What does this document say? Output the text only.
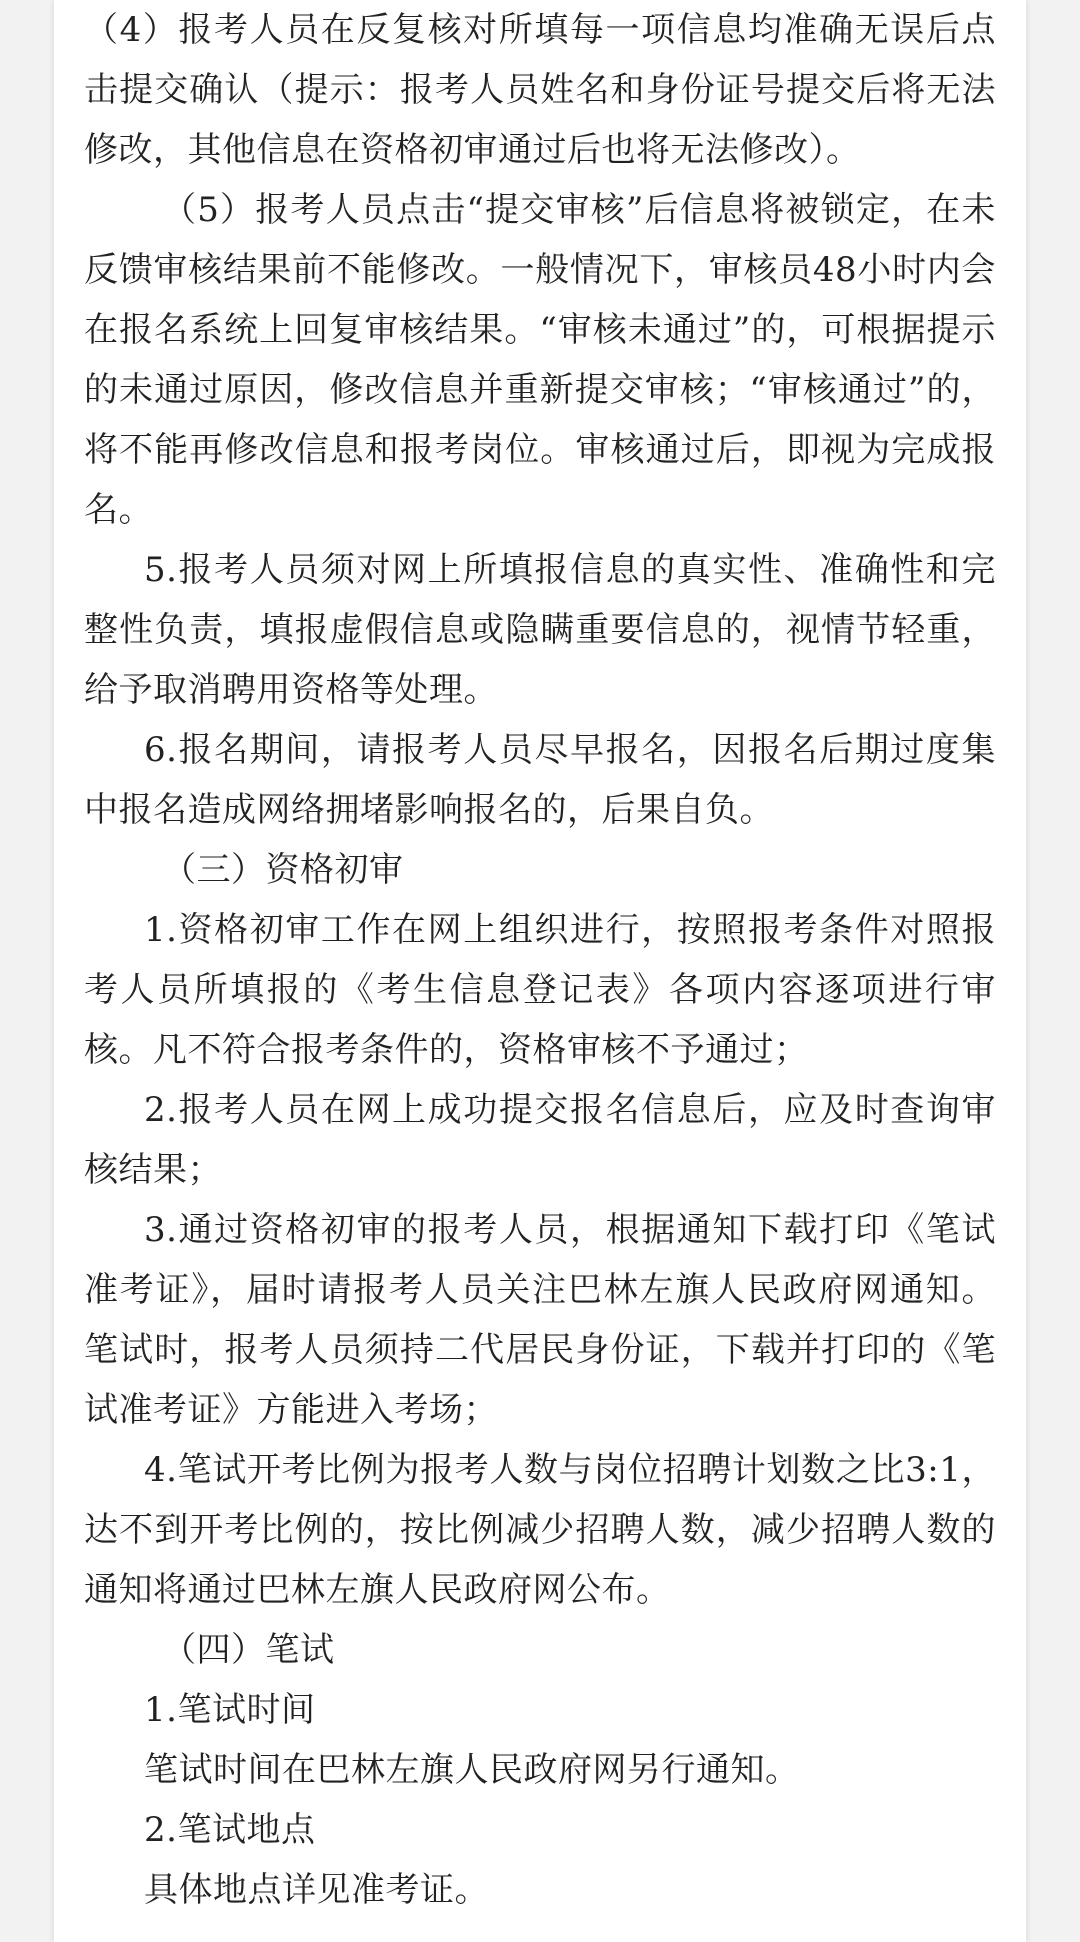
（4）报考人员在反复核对所填每一项信息均准确无误后点击提交确认（提示：报考人员姓名和身份证号提交后将无法修改，其他信息在资格初审通过后也将无法修改）。

（5）报考人员点击“提交审核”后信息将被锁定，在未反馈审核结果前不能修改。一般情况下，审核员48小时内会在报名系统上回复审核结果。“审核未通过”的，可根据提示的未通过原因，修改信息并重新提交审核；“审核通过”的，将不能再修改信息和报考岗位。审核通过后，即视为完成报名。

5.报考人员须对网上所填报信息的真实性、准确性和完整性负责，填报虚假信息或隐瞒重要信息的，视情节轻重，给予取消聘用资格等处理。

6.报名期间，请报考人员尽早报名，因报名后期过度集中报名造成网络拥堵影响报名的，后果自负。

（三）资格初审

1.资格初审工作在网上组织进行，按照报考条件对照报考人员所填报的《考生信息登记表》各项内容逐项进行审核。凡不符合报考条件的，资格审核不予通过；

2.报考人员在网上成功提交报名信息后，应及时查询审核结果；

3.通过资格初审的报考人员，根据通知下载打印《笔试准考证》，届时请报考人员关注巴林左旗人民政府网通知。笔试时，报考人员须持二代居民身份证，下载并打印的《笔试准考证》方能进入考场；

4.笔试开考比例为报考人数与岗位招聘计划数之比3:1，达不到开考比例的，按比例减少招聘人数，减少招聘人数的通知将通过巴林左旗人民政府网公布。

（四）笔试

1.笔试时间

笔试时间在巴林左旗人民政府网另行通知。

2.笔试地点

具体地点详见准考证。
